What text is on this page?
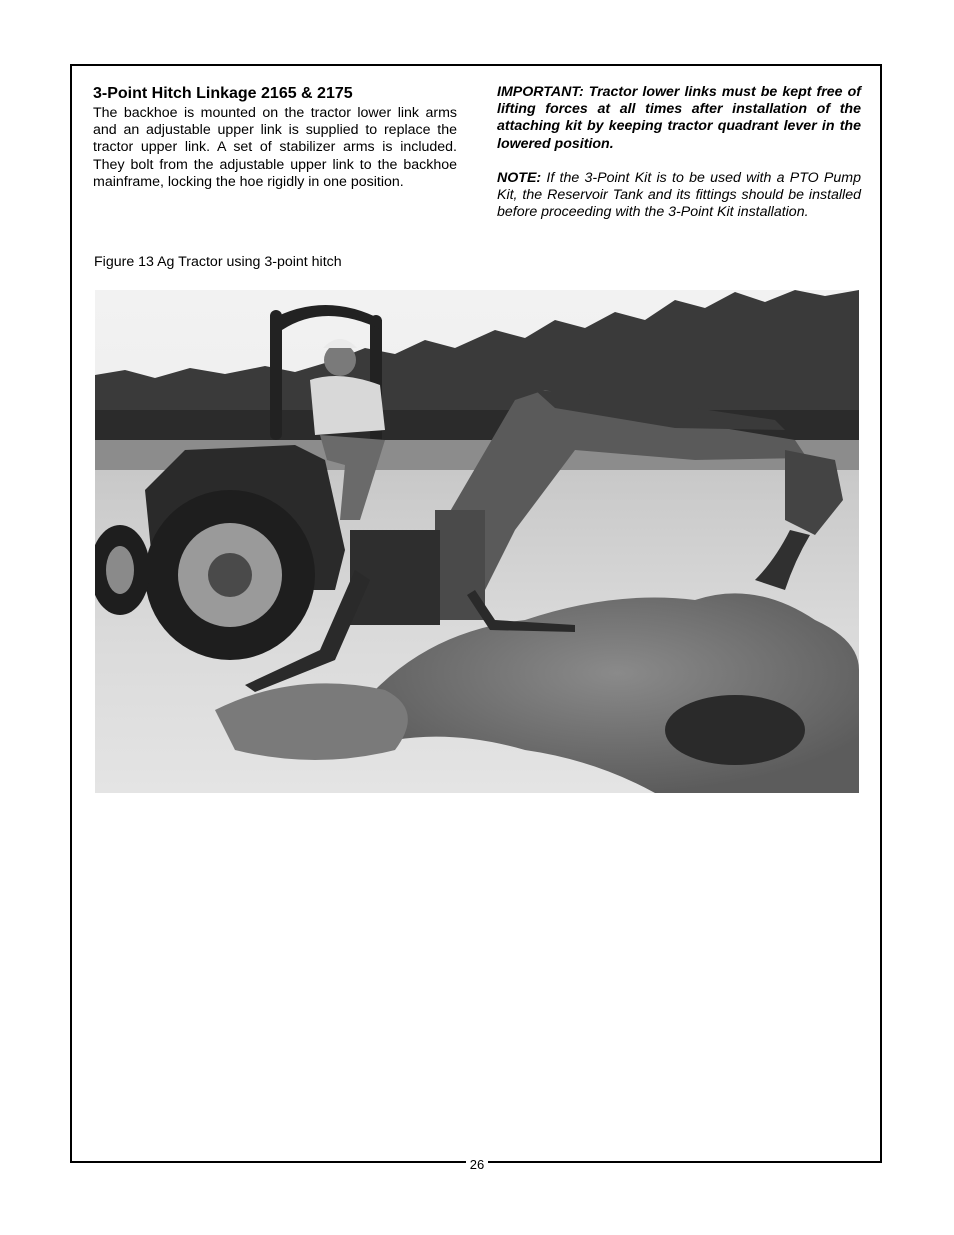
3-Point Hitch Linkage 2165 & 2175

The backhoe is mounted on the tractor lower link arms and an adjustable upper link is supplied to replace the tractor upper link. A set of stabilizer arms is included. They bolt from the adjustable upper link to the backhoe mainframe, locking the hoe rigidly in one position.

IMPORTANT: Tractor lower links must be kept free of lifting forces at all times after installation of the attaching kit by keeping tractor quadrant lever in the lowered position.

NOTE: If the 3-Point Kit is to be used with a PTO Pump Kit, the Reservoir Tank and its fittings should be installed before proceeding with the 3-Point Kit installation.

Figure 13 Ag Tractor using 3-point hitch
26
